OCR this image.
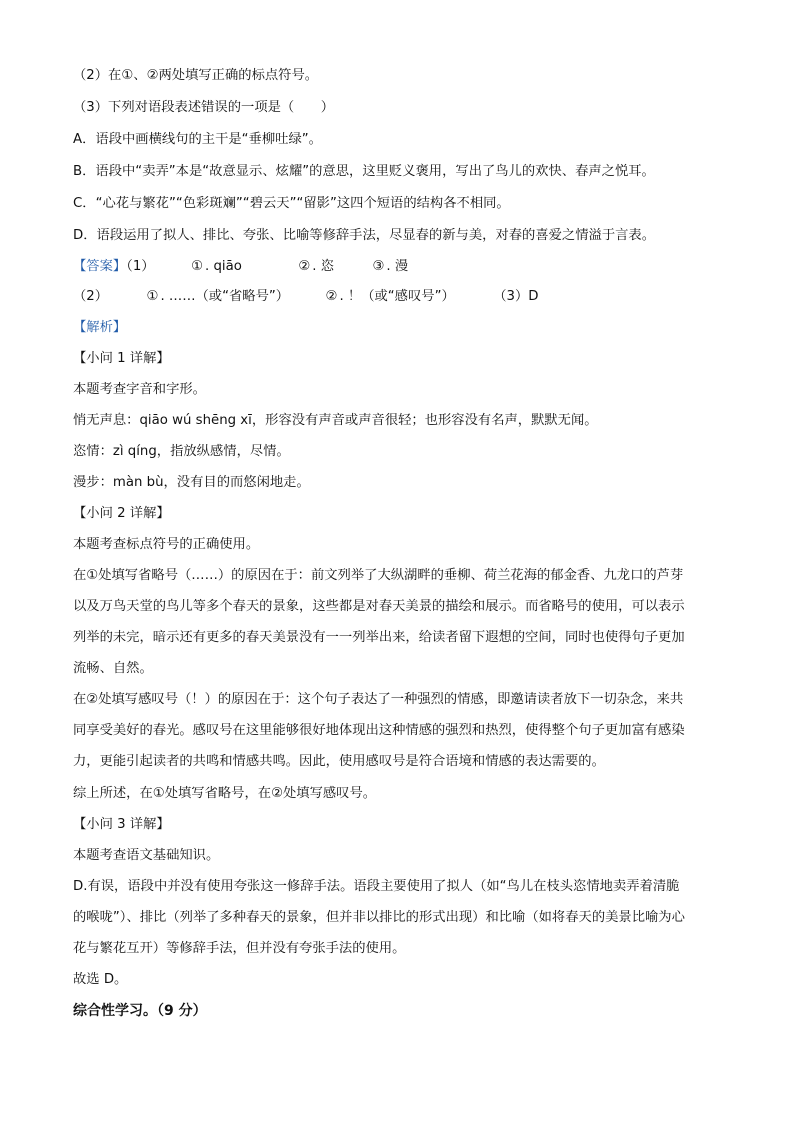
（2）在①、②两处填写正确的标点符号。
（3）下列对语段表述错误的一项是（　　）
A．语段中画横线句的主干是“垂柳吐绿”。
B．语段中“卖弄”本是“故意显示、炫耀”的意思，这里贬义褒用，写出了鸟儿的欢快、春声之悦耳。
C．“心花与繁花”“色彩斑斓”“碧云天”“留影”这四个短语的结构各不相同。
D．语段运用了拟人、排比、夸张、比喻等修辞手法，尽显春的新与美，对春的喜爱之情溢于言表。
【答案】（1）	① . qiāo	② . 恣	③ . 漫
（2）	① . ……（或“省略号”）	② . ！（或“感叹号”）	（3）D
【解析】
【小问 1 详解】
本题考查字音和字形。
悄无声息：qiāo wú shēng xī，形容没有声音或声音很轻；也形容没有名声，默默无闻。
恣情：zì qíng，指放纵感情，尽情。
漫步：màn bù，没有目的而悠闲地走。
【小问 2 详解】
本题考查标点符号的正确使用。
在①处填写省略号（……）的原因在于：前文列举了大纵湖畔的垂柳、荷兰花海的郁金香、九龙口的芦芽
以及万鸟天堂的鸟儿等多个春天的景象，这些都是对春天美景的描绘和展示。而省略号的使用，可以表示
列举的未完，暗示还有更多的春天美景没有一一列举出来，给读者留下遐想的空间，同时也使得句子更加
流畅、自然。
在②处填写感叹号（！）的原因在于：这个句子表达了一种强烈的情感，即邀请读者放下一切杂念，来共
同享受美好的春光。感叹号在这里能够很好地体现出这种情感的强烈和热烈，使得整个句子更加富有感染
力，更能引起读者的共鸣和情感共鸣。因此，使用感叹号是符合语境和情感的表达需要的。
综上所述，在①处填写省略号，在②处填写感叹号。
【小问 3 详解】
本题考查语文基础知识。
D.有误，语段中并没有使用夸张这一修辞手法。语段主要使用了拟人（如“鸟儿在枝头恣情地卖弄着清脆
的喉咙”）、排比（列举了多种春天的景象，但并非以排比的形式出现）和比喻（如将春天的美景比喻为心
花与繁花互开）等修辞手法，但并没有夸张手法的使用。
故选 D。
综合性学习。（9 分）
